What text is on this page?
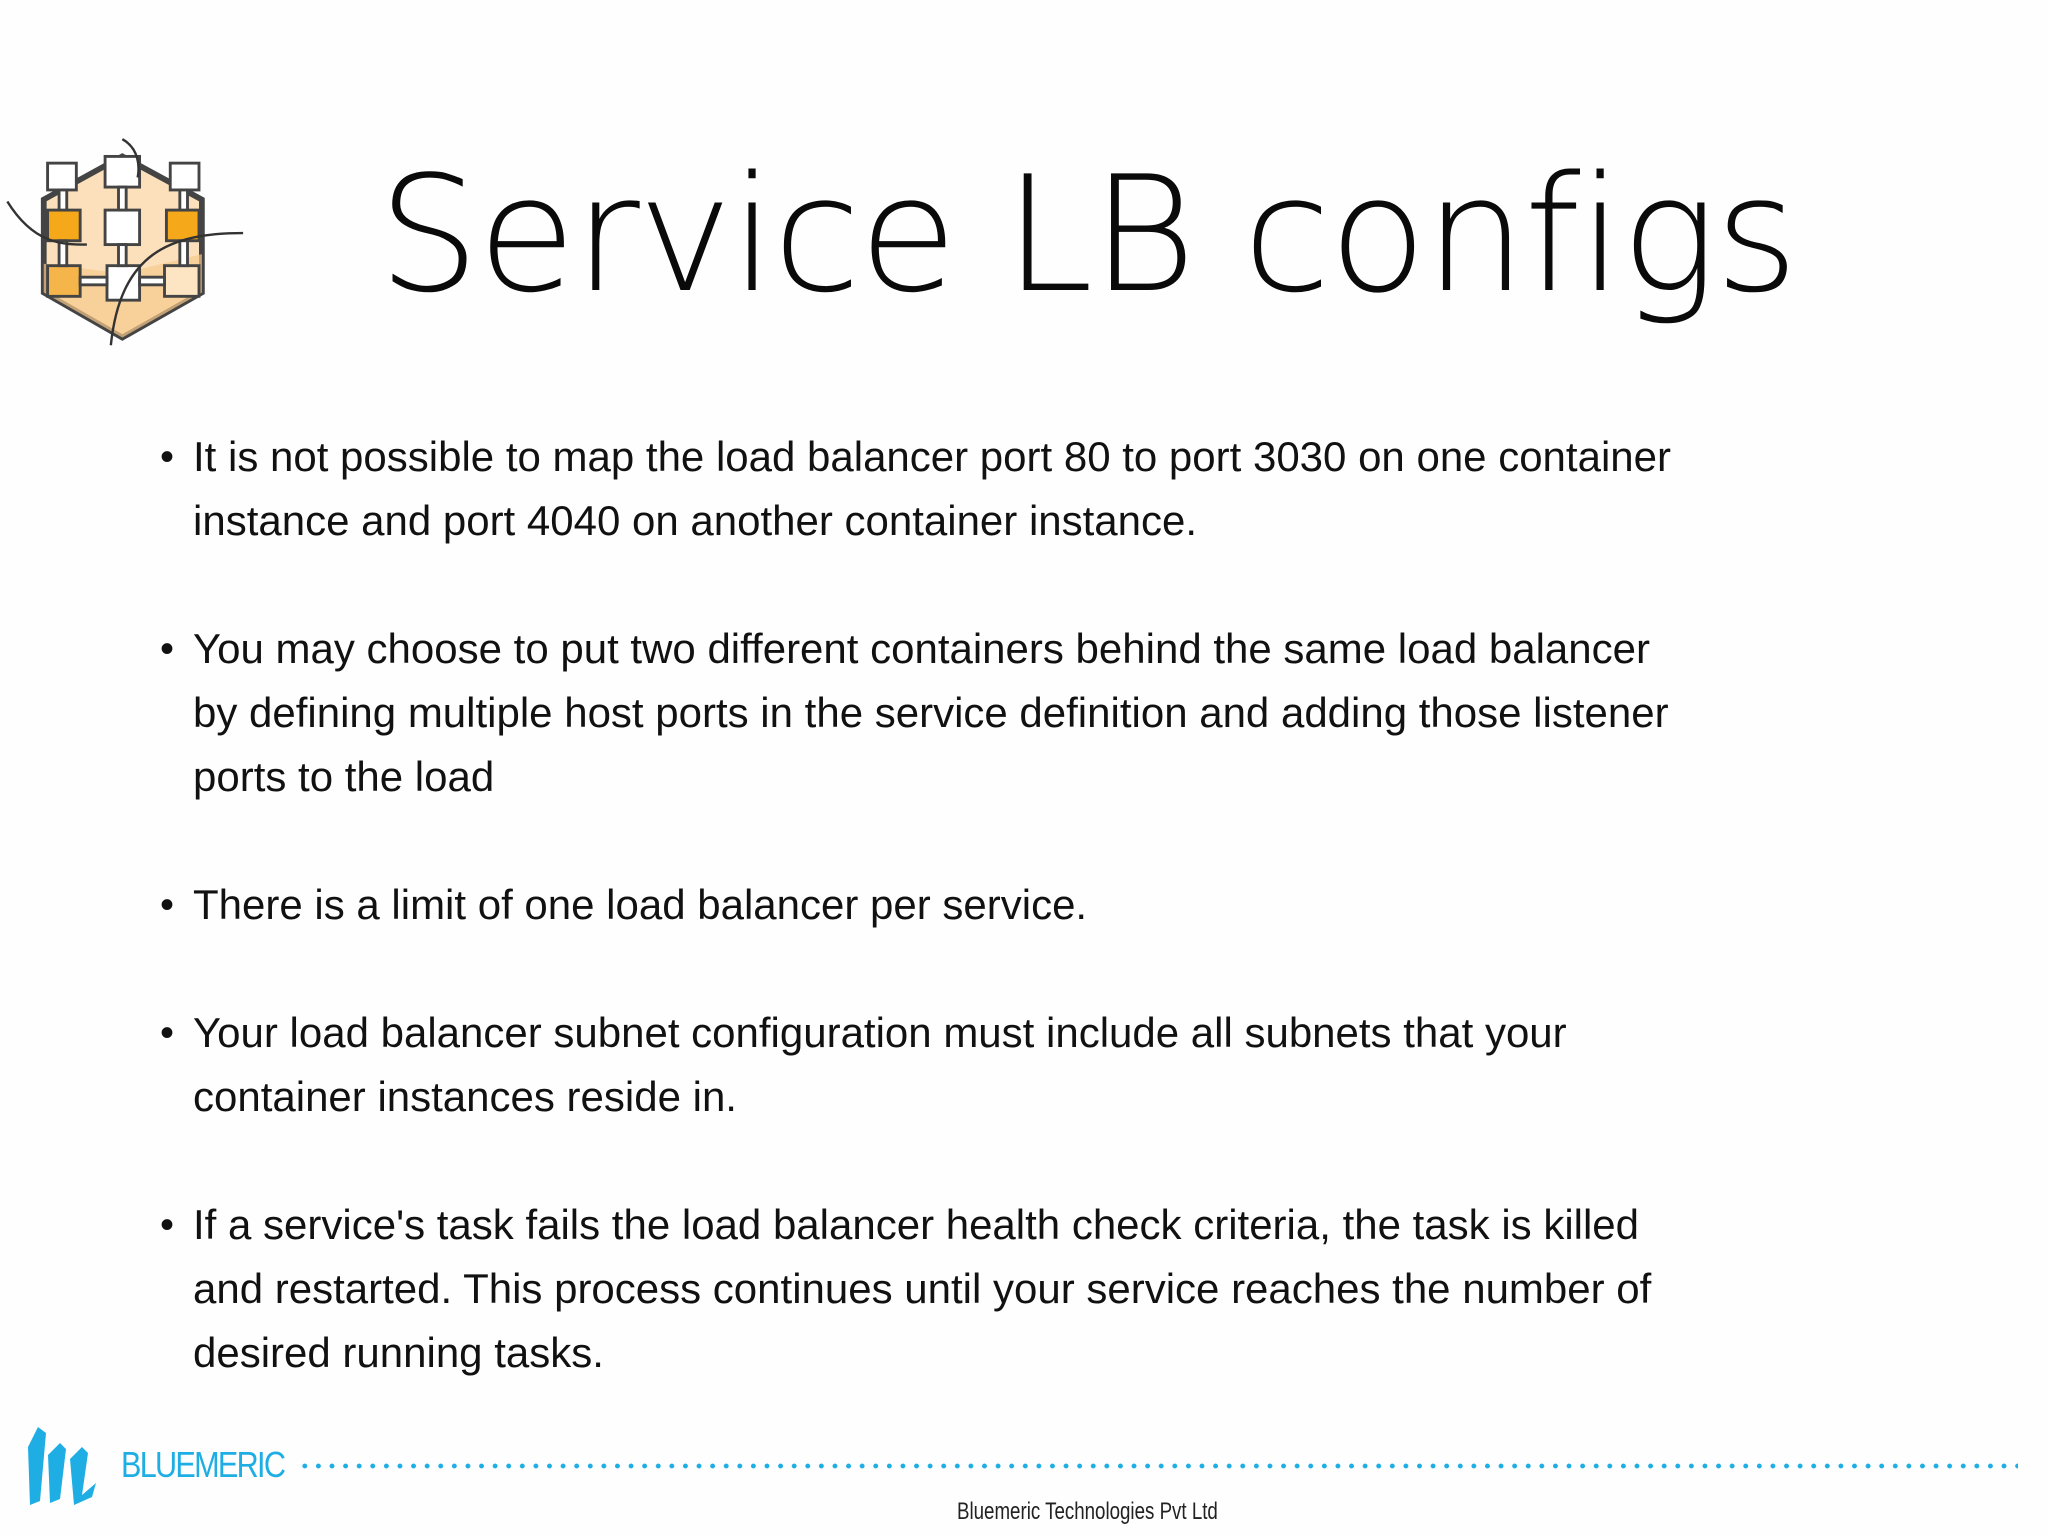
Service LB configs
• It is not possible to map the load balancer port 80 to port 3030 on one container
instance and port 4040 on another container instance.
• You may choose to put two different containers behind the same load balancer
by defining multiple host ports in the service definition and adding those listener
ports to the load
• There is a limit of one load balancer per service.
• Your load balancer subnet configuration must include all subnets that your
container instances reside in.
• If a service's task fails the load balancer health check criteria, the task is killed
and restarted. This process continues until your service reaches the number of
desired running tasks.
BLUEMERIC
Bluemeric Technologies Pvt Ltd
